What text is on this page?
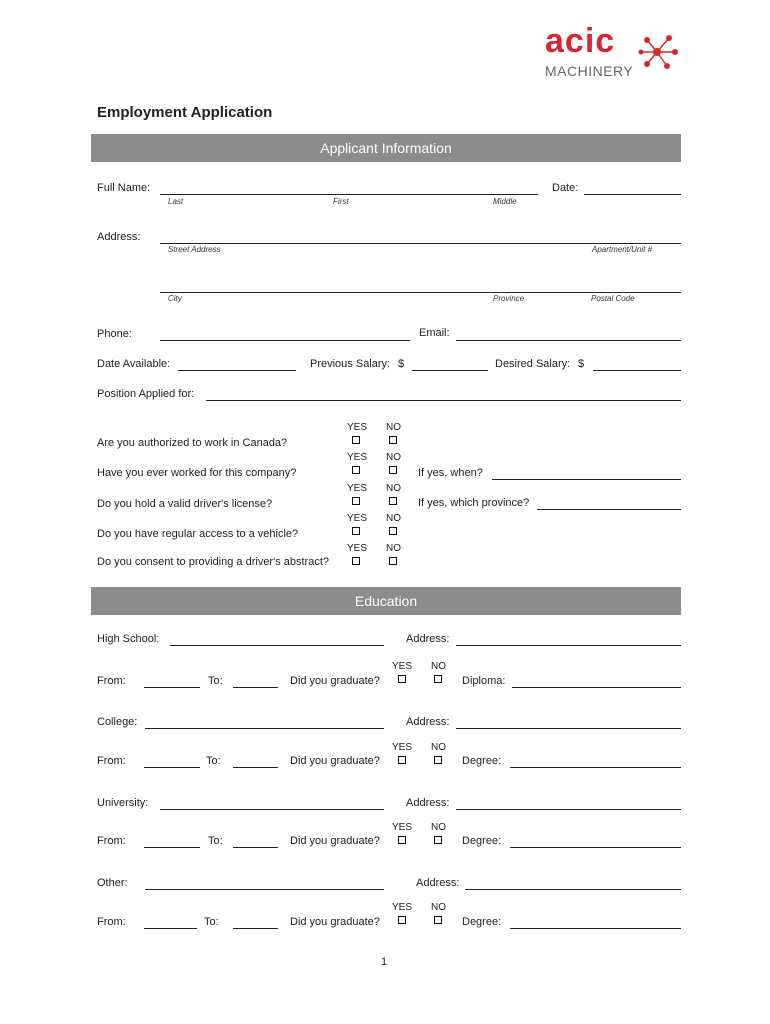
acic
MACHINERY
Employment Application
Applicant Information
Full Name:	Date:
Last	First	Middle
Address:
Street Address	Apartment/Unit #
City	Province	Postal Code
Phone:	Email:
Date Available:	Previous Salary: $	Desired Salary: $
Position Applied for:
YES NO
Are you authorized to work in Canada?
YES NO
Have you ever worked for this company?	If yes, when?
YES NO
Do you hold a valid driver's license?	If yes, which province?
YES NO
Do you have regular access to a vehicle?
YES NO
Do you consent to providing a driver's abstract?
Education
High School:	Address:
YES NO
From:	To:	Did you graduate?	Diploma:
College:	Address:
YES NO
From:	To:	Did you graduate?	Degree:
University:	Address:
YES NO
From:	To:	Did you graduate?	Degree:
Other:	Address:
YES NO
From:	To:	Did you graduate?	Degree:
1
